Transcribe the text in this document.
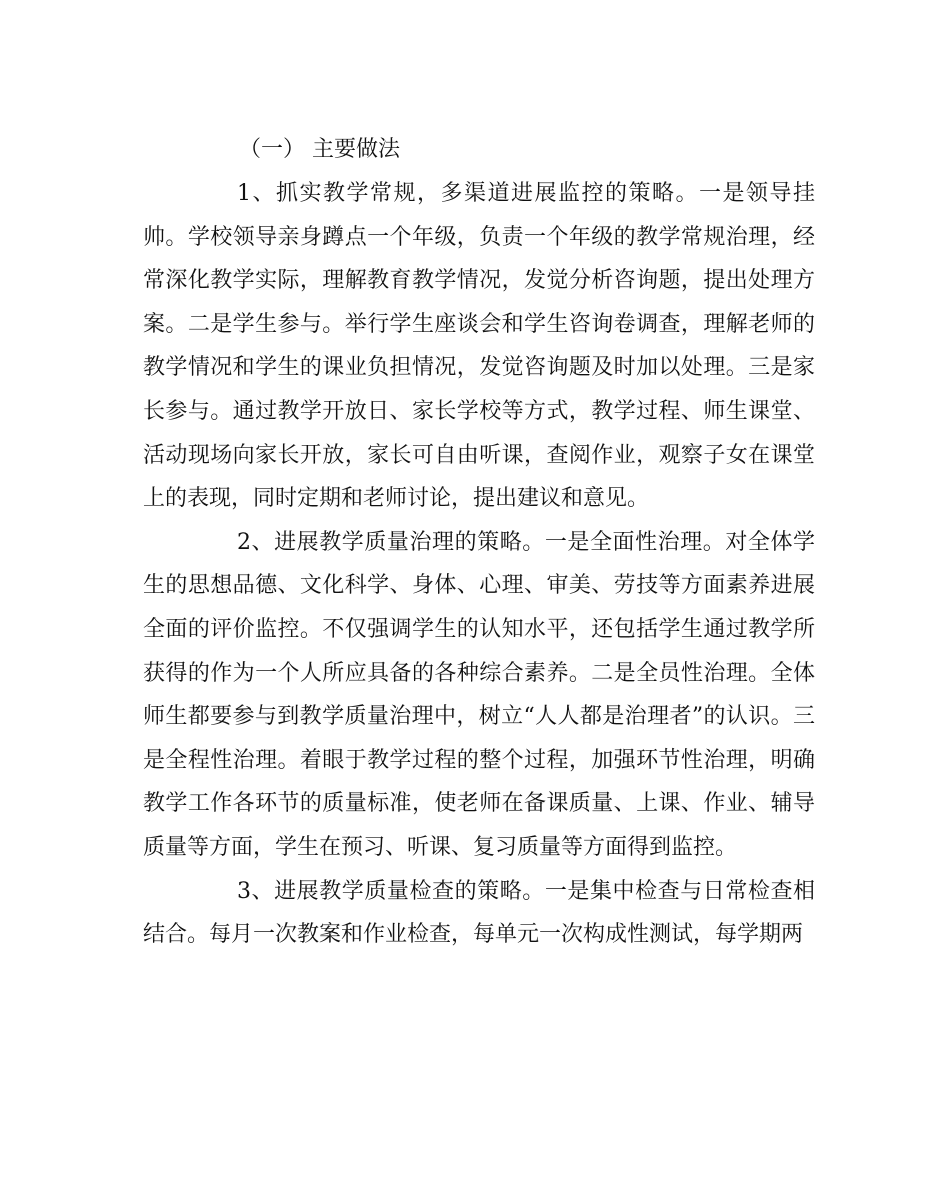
（一） 主要做法

1、抓实教学常规，多渠道进展监控的策略。一是领导挂帅。学校领导亲身蹲点一个年级，负责一个年级的教学常规治理，经常深化教学实际，理解教育教学情况，发觉分析咨询题，提出处理方案。二是学生参与。举行学生座谈会和学生咨询卷调查，理解老师的教学情况和学生的课业负担情况，发觉咨询题及时加以处理。三是家长参与。通过教学开放日、家长学校等方式，教学过程、师生课堂、活动现场向家长开放，家长可自由听课，查阅作业，观察子女在课堂上的表现，同时定期和老师讨论，提出建议和意见。

2、进展教学质量治理的策略。一是全面性治理。对全体学生的思想品德、文化科学、身体、心理、审美、劳技等方面素养进展全面的评价监控。不仅强调学生的认知水平，还包括学生通过教学所获得的作为一个人所应具备的各种综合素养。二是全员性治理。全体师生都要参与到教学质量治理中，树立“人人都是治理者”的认识。三是全程性治理。着眼于教学过程的整个过程，加强环节性治理，明确教学工作各环节的质量标准，使老师在备课质量、上课、作业、辅导质量等方面，学生在预习、听课、复习质量等方面得到监控。

3、进展教学质量检查的策略。一是集中检查与日常检查相结合。每月一次教案和作业检查，每单元一次构成性测试，每学期两
